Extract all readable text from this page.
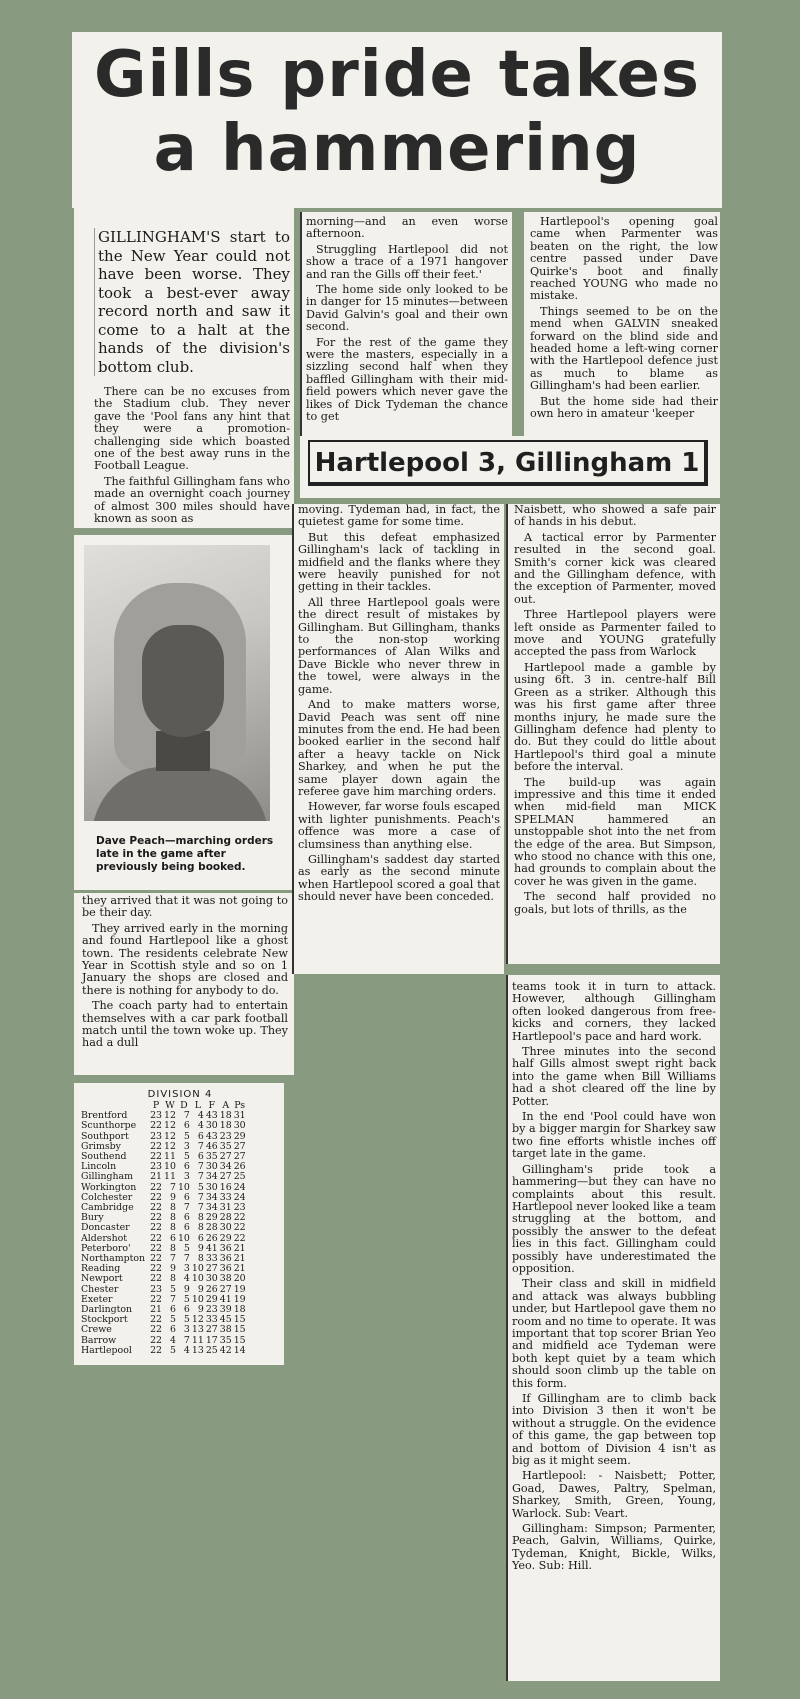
Gills pride takes
a hammering

GILLINGHAM'S start to the New Year could not have been worse. They took a best-ever away record north and saw it come to a halt at the hands of the division's bottom club.

There can be no excuses from the Stadium club. They never gave the 'Pool fans any hint that they were a promotion-challenging side which boasted one of the best away runs in the Football League.

The faithful Gillingham fans who made an overnight coach journey of almost 300 miles should have known as soon as

Dave Peach—marching orders late in the game after previously being booked.

they arrived that it was not going to be their day.

They arrived early in the morning and found Hartlepool like a ghost town. The residents celebrate New Year in Scottish style and so on 1 January the shops are closed and there is nothing for anybody to do.

The coach party had to entertain themselves with a car park football match until the town woke up. They had a dull

DIVISION 4
	P	W	D	L	F	A	Ps
Brentford	23	12	7	4	43	18	31
Scunthorpe	22	12	6	4	30	18	30
Southport	23	12	5	6	43	23	29
Grimsby	22	12	3	7	46	35	27
Southend	22	11	5	6	35	27	27
Lincoln	23	10	6	7	30	34	26
Gillingham	21	11	3	7	34	27	25
Workington	22	7	10	5	30	16	24
Colchester	22	9	6	7	34	33	24
Cambridge	22	8	7	7	34	31	23
Bury	22	8	6	8	29	28	22
Doncaster	22	8	6	8	28	30	22
Aldershot	22	6	10	6	26	29	22
Peterboro'	22	8	5	9	41	36	21
Northampton	22	7	7	8	33	36	21
Reading	22	9	3	10	27	36	21
Newport	22	8	4	10	30	38	20
Chester	23	5	9	9	26	27	19
Exeter	22	7	5	10	29	41	19
Darlington	21	6	6	9	23	39	18
Stockport	22	5	5	12	33	45	15
Crewe	22	6	3	13	27	38	15
Barrow	22	4	7	11	17	35	15
Hartlepool	22	5	4	13	25	42	14

morning—and an even worse afternoon.

Struggling Hartlepool did not show a trace of a 1971 hangover and ran the Gills off their feet.'

The home side only looked to be in danger for 15 minutes—between David Galvin's goal and their own second.

For the rest of the game they were the masters, especially in a sizzling second half when they baffled Gillingham with their mid-field powers which never gave the likes of Dick Tydeman the chance to get

Hartlepool's opening goal came when Parmenter was beaten on the right, the low centre passed under Dave Quirke's boot and finally reached YOUNG who made no mistake.

Things seemed to be on the mend when GALVIN sneaked forward on the blind side and headed home a left-wing corner with the Hartlepool defence just as much to blame as Gillingham's had been earlier.

But the home side had their own hero in amateur 'keeper

Hartlepool 3, Gillingham 1

moving. Tydeman had, in fact, the quietest game for some time.

But this defeat emphasized Gillingham's lack of tackling in midfield and the flanks where they were heavily punished for not getting in their tackles.

All three Hartlepool goals were the direct result of mistakes by Gillingham. But Gillingham, thanks to the non-stop working performances of Alan Wilks and Dave Bickle who never threw in the towel, were always in the game.

And to make matters worse, David Peach was sent off nine minutes from the end. He had been booked earlier in the second half after a heavy tackle on Nick Sharkey, and when he put the same player down again the referee gave him marching orders.

However, far worse fouls escaped with lighter punishments. Peach's offence was more a case of clumsiness than anything else.

Gillingham's saddest day started as early as the second minute when Hartlepool scored a goal that should never have been conceded.

Naisbett, who showed a safe pair of hands in his debut.

A tactical error by Parmenter resulted in the second goal. Smith's corner kick was cleared and the Gillingham defence, with the exception of Parmenter, moved out.

Three Hartlepool players were left onside as Parmenter failed to move and YOUNG gratefully accepted the pass from Warlock

Hartlepool made a gamble by using 6ft. 3 in. centre-half Bill Green as a striker. Although this was his first game after three months injury, he made sure the Gillingham defence had plenty to do. But they could do little about Hartlepool's third goal a minute before the interval.

The build-up was again impressive and this time it ended when mid-field man MICK SPELMAN hammered an unstoppable shot into the net from the edge of the area. But Simpson, who stood no chance with this one, had grounds to complain about the cover he was given in the game.

The second half provided no goals, but lots of thrills, as the

teams took it in turn to attack. However, although Gillingham often looked dangerous from free-kicks and corners, they lacked Hartlepool's pace and hard work.

Three minutes into the second half Gills almost swept right back into the game when Bill Williams had a shot cleared off the line by Potter.

In the end 'Pool could have won by a bigger margin for Sharkey saw two fine efforts whistle inches off target late in the game.

Gillingham's pride took a hammering—but they can have no complaints about this result. Hartlepool never looked like a team struggling at the bottom, and possibly the answer to the defeat lies in this fact. Gillingham could possibly have underestimated the opposition.

Their class and skill in midfield and attack was always bubbling under, but Hartlepool gave them no room and no time to operate. It was important that top scorer Brian Yeo and midfield ace Tydeman were both kept quiet by a team which should soon climb up the table on this form.

If Gillingham are to climb back into Division 3 then it won't be without a struggle. On the evidence of this game, the gap between top and bottom of Division 4 isn't as big as it might seem.

Hartlepool: - Naisbett; Potter, Goad, Dawes, Paltry, Spelman, Sharkey, Smith, Green, Young, Warlock. Sub: Veart.

Gillingham: Simpson; Parmenter, Peach, Galvin, Williams, Quirke, Tydeman, Knight, Bickle, Wilks, Yeo. Sub: Hill.
